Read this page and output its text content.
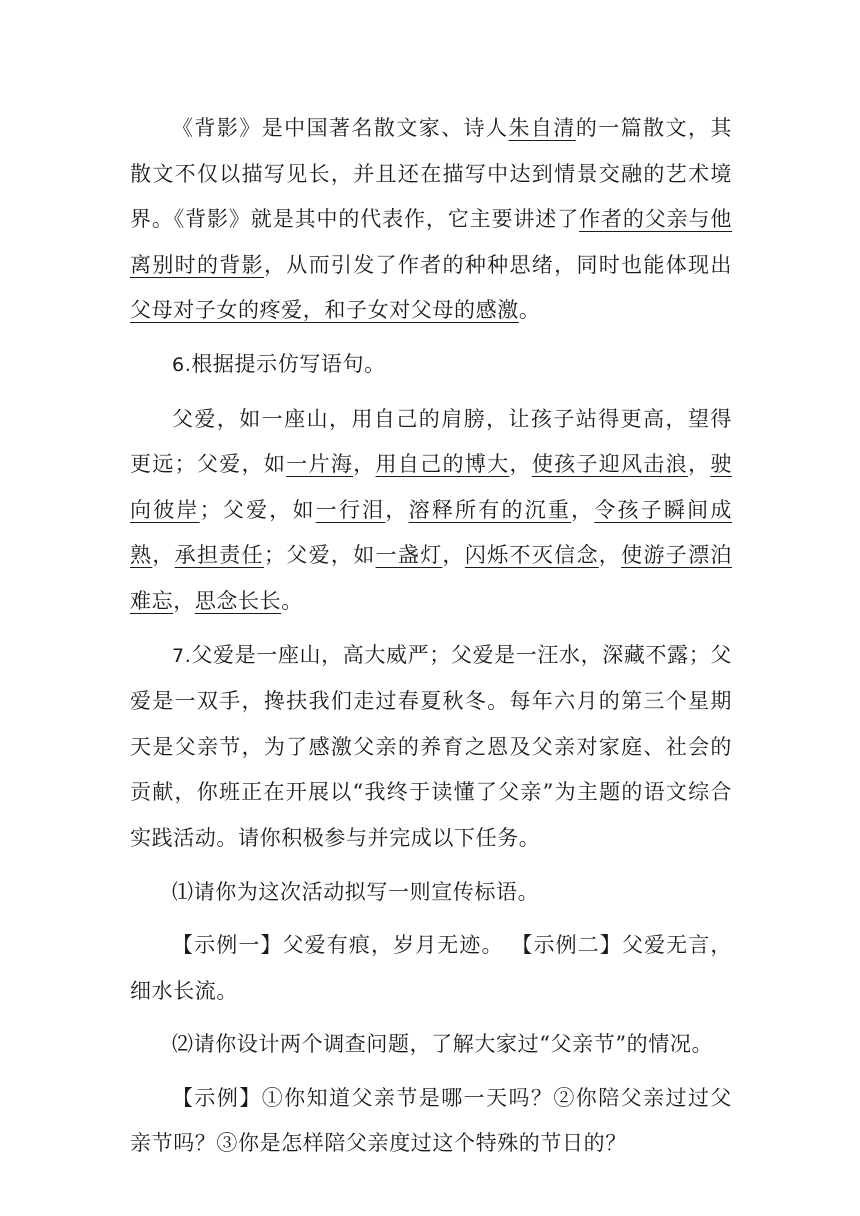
《背影》是中国著名散文家、诗人朱自清的一篇散文，其散文不仅以描写见长，并且还在描写中达到情景交融的艺术境界。《背影》就是其中的代表作，它主要讲述了作者的父亲与他离别时的背影，从而引发了作者的种种思绪，同时也能体现出父母对子女的疼爱，和子女对父母的感激。

6.根据提示仿写语句。

父爱，如一座山，用自己的肩膀，让孩子站得更高，望得更远；父爱，如一片海，用自己的博大，使孩子迎风击浪，驶向彼岸；父爱，如一行泪，溶释所有的沉重，令孩子瞬间成熟，承担责任；父爱，如一盏灯，闪烁不灭信念，使游子漂泊难忘，思念长长。

7.父爱是一座山，高大威严；父爱是一汪水，深藏不露；父爱是一双手，搀扶我们走过春夏秋冬。每年六月的第三个星期天是父亲节，为了感激父亲的养育之恩及父亲对家庭、社会的贡献，你班正在开展以“我终于读懂了父亲”为主题的语文综合实践活动。请你积极参与并完成以下任务。

⑴请你为这次活动拟写一则宣传标语。

【示例一】父爱有痕，岁月无迹。 【示例二】父爱无言，细水长流。

⑵请你设计两个调查问题，了解大家过“父亲节”的情况。

【示例】①你知道父亲节是哪一天吗？②你陪父亲过过父亲节吗？③你是怎样陪父亲度过这个特殊的节日的？
